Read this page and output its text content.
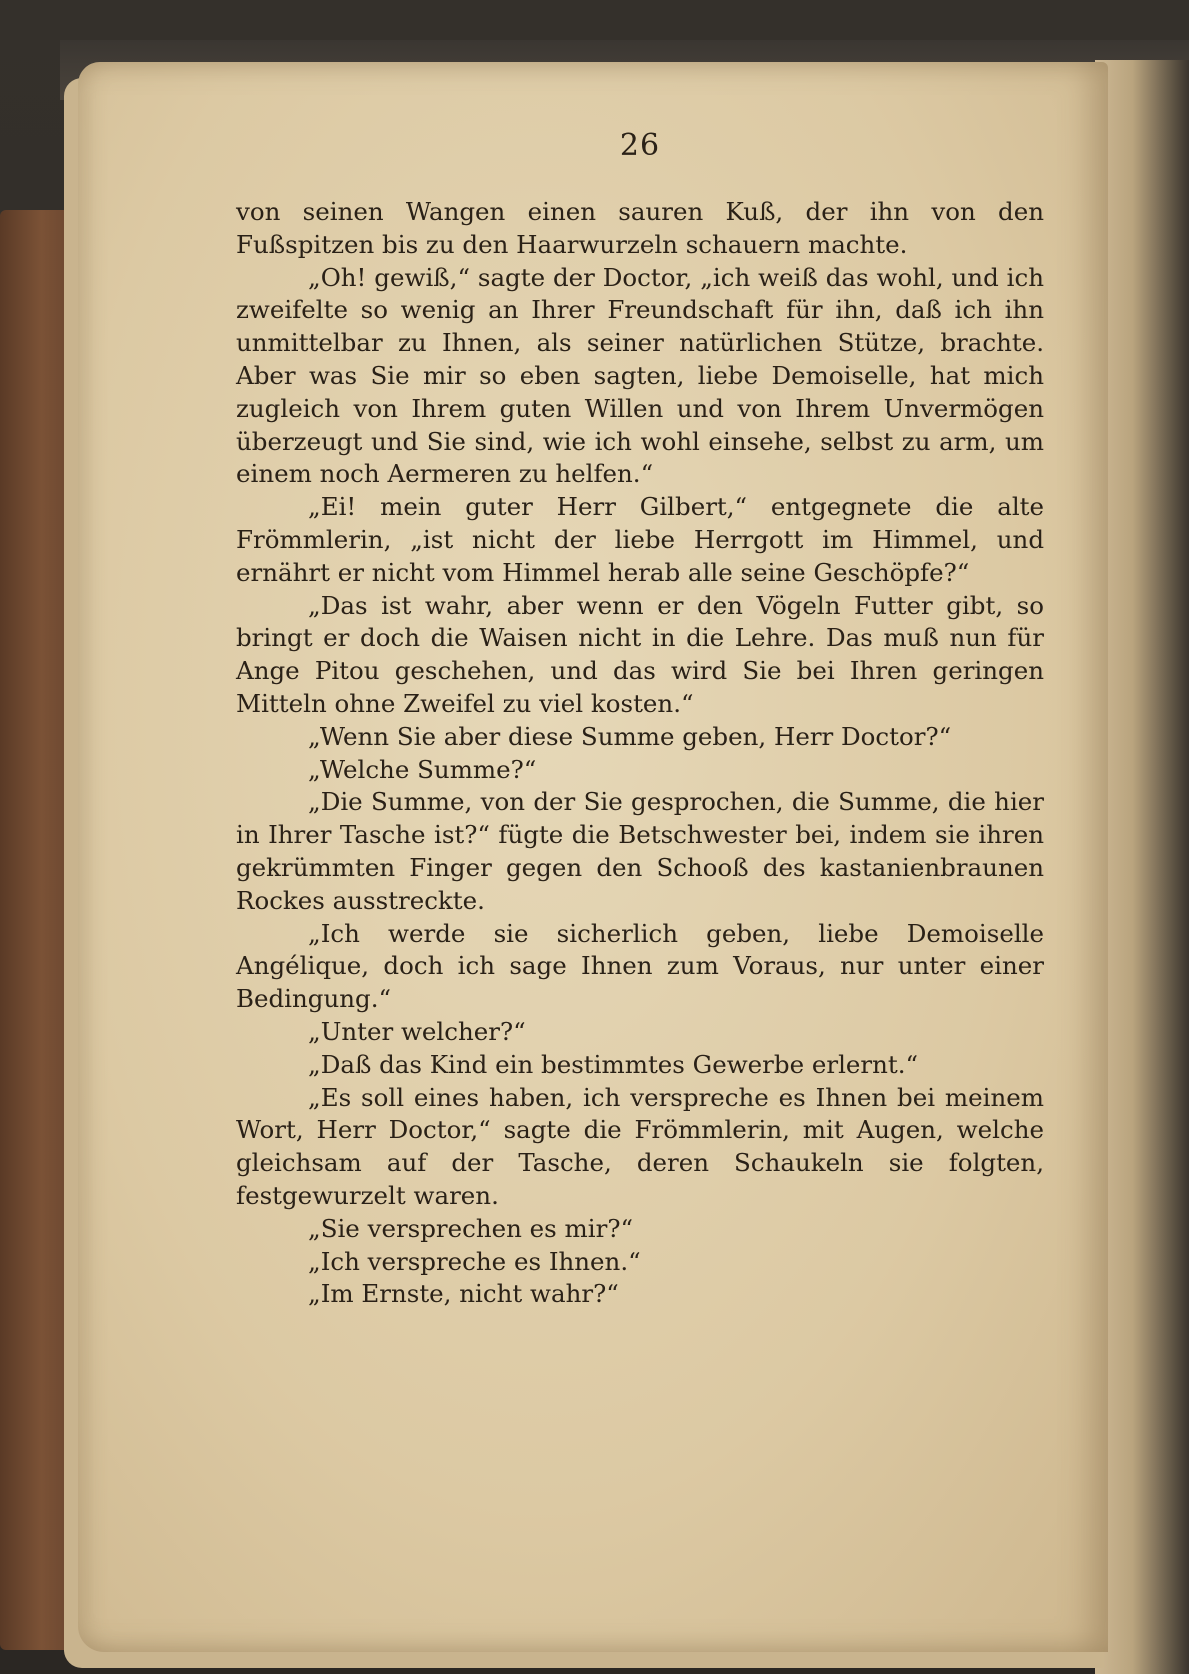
26

von seinen Wangen einen sauren Kuß, der ihn von den Fußspitzen bis zu den Haarwurzeln schauern machte.

„Oh! gewiß,“ sagte der Doctor, „ich weiß das wohl, und ich zweifelte so wenig an Ihrer Freundschaft für ihn, daß ich ihn unmittelbar zu Ihnen, als seiner natürlichen Stütze, brachte. Aber was Sie mir so eben sagten, liebe Demoiselle, hat mich zugleich von Ihrem guten Willen und von Ihrem Unvermögen überzeugt und Sie sind, wie ich wohl einsehe, selbst zu arm, um einem noch Aermeren zu helfen.“

„Ei! mein guter Herr Gilbert,“ entgegnete die alte Frömmlerin, „ist nicht der liebe Herrgott im Himmel, und ernährt er nicht vom Himmel herab alle seine Geschöpfe?“

„Das ist wahr, aber wenn er den Vögeln Futter gibt, so bringt er doch die Waisen nicht in die Lehre. Das muß nun für Ange Pitou geschehen, und das wird Sie bei Ihren geringen Mitteln ohne Zweifel zu viel kosten.“

„Wenn Sie aber diese Summe geben, Herr Doctor?“

„Welche Summe?“

„Die Summe, von der Sie gesprochen, die Summe, die hier in Ihrer Tasche ist?“ fügte die Betschwester bei, indem sie ihren gekrümmten Finger gegen den Schooß des kastanienbraunen Rockes ausstreckte.

„Ich werde sie sicherlich geben, liebe Demoiselle Angélique, doch ich sage Ihnen zum Voraus, nur unter einer Bedingung.“

„Unter welcher?“

„Daß das Kind ein bestimmtes Gewerbe erlernt.“

„Es soll eines haben, ich verspreche es Ihnen bei meinem Wort, Herr Doctor,“ sagte die Frömmlerin, mit Augen, welche gleichsam auf der Tasche, deren Schaukeln sie folgten, festgewurzelt waren.

„Sie versprechen es mir?“

„Ich verspreche es Ihnen.“

„Im Ernste, nicht wahr?“
